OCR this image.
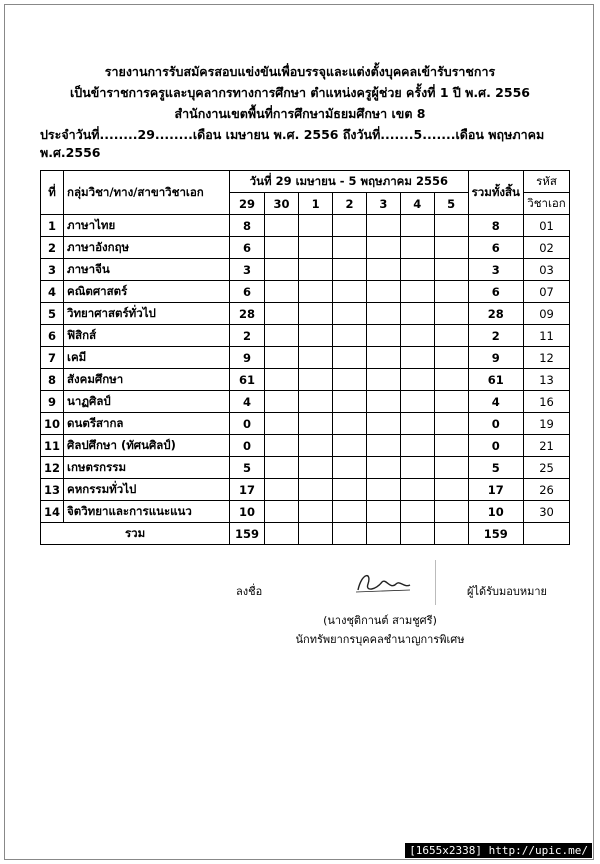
รายงานการรับสมัครสอบแข่งขันเพื่อบรรจุและแต่งตั้งบุคคลเข้ารับราชการ
เป็นข้าราชการครูและบุคลากรทางการศึกษา ตำแหน่งครูผู้ช่วย ครั้งที่ 1 ปี พ.ศ. 2556
สำนักงานเขตพื้นที่การศึกษามัธยมศึกษา เขต 8
ประจำวันที่........29........เดือน เมษายน พ.ศ. 2556 ถึงวันที่.......5.......เดือน พฤษภาคม พ.ศ.2556
ที่	กลุ่มวิชา/ทาง/สาขาวิชาเอก	วันที่ 29 เมษายน - 5 พฤษภาคม 2556							รวมทั้งสิ้น	รหัส
		29	30	1	2	3	4	5		วิชาเอก
1	ภาษาไทย	8							8	01
2	ภาษาอังกฤษ	6							6	02
3	ภาษาจีน	3							3	03
4	คณิตศาสตร์	6							6	07
5	วิทยาศาสตร์ทั่วไป	28							28	09
6	ฟิสิกส์	2							2	11
7	เคมี	9							9	12
8	สังคมศึกษา	61							61	13
9	นาฏศิลป์	4							4	16
10	ดนตรีสากล	0							0	19
11	ศิลปศึกษา (ทัศนศิลป์)	0							0	21
12	เกษตรกรรม	5							5	25
13	คหกรรมทั่วไป	17							17	26
14	จิตวิทยาและการแนะแนว	10							10	30
รวม		159							159	
ลงชื่อ	ผู้ได้รับมอบหมาย
(นางชุติกานต์ สามชูศรี)
นักทรัพยากรบุคคลชำนาญการพิเศษ
[1655x2338] http://upic.me/
